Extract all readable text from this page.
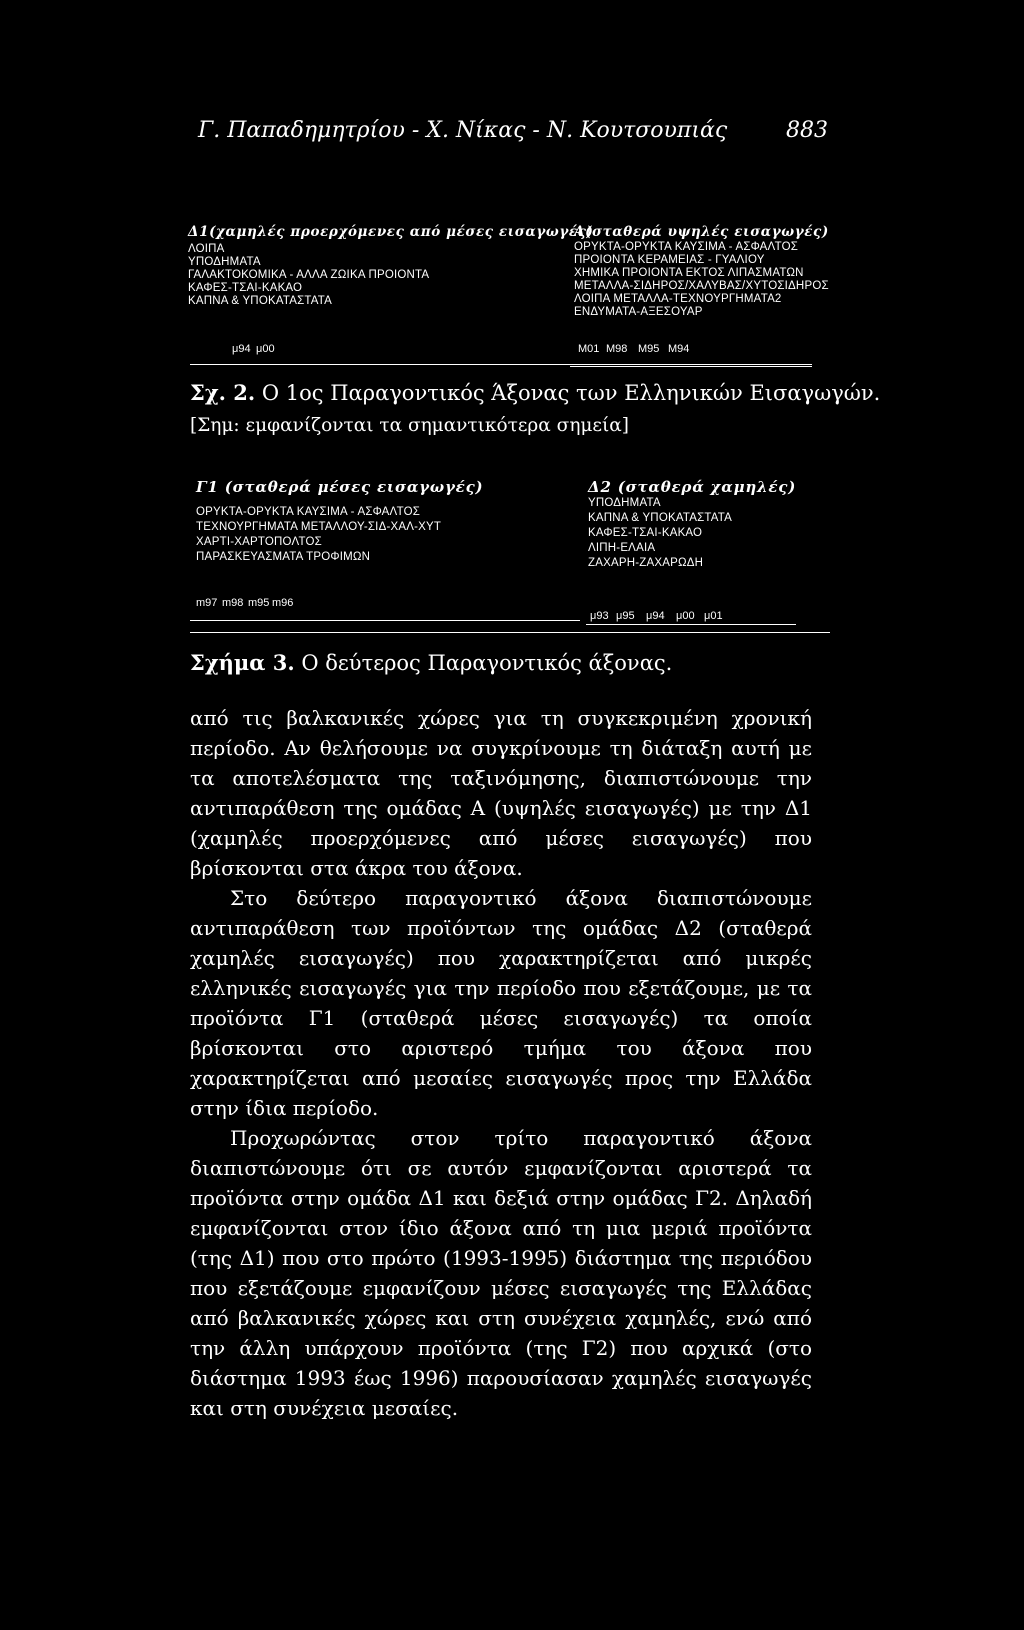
Γ. Παπαδημητρίου - Χ. Νίκας - Ν. Κουτσουπιάς	883
Δ1(χαμηλές προερχόμενες από μέσες εισαγωγές)
ΛΟΙΠΑ
ΥΠΟΔΗΜΑΤΑ
ΓΑΛΑΚΤΟΚΟΜΙΚΑ - ΑΛΛΑ ΖΩΙΚΑ ΠΡΟΙΟΝΤΑ
ΚΑΦΕΣ-ΤΣΑΙ-ΚΑΚΑΟ
ΚΑΠΝΑ & ΥΠΟΚΑΤΑΣΤΑΤΑ
Α(σταθερά υψηλές εισαγωγές)
ΟΡΥΚΤΑ-ΟΡΥΚΤΑ ΚΑΥΣΙΜΑ - ΑΣΦΑΛΤΟΣ
ΠΡΟΙΟΝΤΑ ΚΕΡΑΜΕΙΑΣ - ΓΥΑΛΙΟΥ
ΧΗΜΙΚΑ ΠΡΟΙΟΝΤΑ ΕΚΤΟΣ ΛΙΠΑΣΜΑΤΩΝ
ΜΕΤΑΛΛΑ-ΣΙΔΗΡΟΣ/ΧΑΛΥΒΑΣ/ΧΥΤΟΣΙΔΗΡΟΣ
ΛΟΙΠΑ ΜΕΤΑΛΛΑ-ΤΕΧΝΟΥΡΓΗΜΑΤΑ2
ΕΝΔΥΜΑΤΑ-ΑΞΕΣΟΥΑΡ
μ94 μ00	Μ01 Μ98 Μ95 Μ94
Σχ. 2. Ο 1ος Παραγοντικός Άξονας των Ελληνικών Εισαγωγών.
[Σημ: εμφανίζονται τα σημαντικότερα σημεία]
Γ1 (σταθερά μέσες εισαγωγές)
ΟΡΥΚΤΑ-ΟΡΥΚΤΑ ΚΑΥΣΙΜΑ - ΑΣΦΑΛΤΟΣ
ΤΕΧΝΟΥΡΓΗΜΑΤΑ ΜΕΤΑΛΛΟΥ-ΣΙΔ-ΧΑΛ-ΧΥΤ
ΧΑΡΤΙ-ΧΑΡΤΟΠΟΛΤΟΣ
ΠΑΡΑΣΚΕΥΑΣΜΑΤΑ ΤΡΟΦΙΜΩΝ
Δ2 (σταθερά χαμηλές)
ΥΠΟΔΗΜΑΤΑ
ΚΑΠΝΑ & ΥΠΟΚΑΤΑΣΤΑΤΑ
ΚΑΦΕΣ-ΤΣΑΙ-ΚΑΚΑΟ
ΛΙΠΗ-ΕΛΑΙΑ
ΖΑΧΑΡΗ-ΖΑΧΑΡΩΔΗ
m97 m98 m95 m96
μ93 μ95 μ94 μ00 μ01
Σχήμα 3. Ο δεύτερος Παραγοντικός άξονας.

από τις βαλκανικές χώρες για τη συγκεκριμένη χρονική περίοδο. Αν θελήσουμε να συγκρίνουμε τη διάταξη αυτή με τα αποτελέσματα της ταξινόμησης, διαπιστώνουμε την αντιπαράθεση της ομάδας Α (υψηλές εισαγωγές) με την Δ1 (χαμηλές προερχόμενες από μέσες εισαγωγές) που βρίσκονται στα άκρα του άξονα.

Στο δεύτερο παραγοντικό άξονα διαπιστώνουμε αντιπαράθεση των προϊόντων της ομάδας Δ2 (σταθερά χαμηλές εισαγωγές) που χαρακτηρίζεται από μικρές ελληνικές εισαγωγές για την περίοδο που εξετάζουμε, με τα προϊόντα Γ1 (σταθερά μέσες εισαγωγές) τα οποία βρίσκονται στο αριστερό τμήμα του άξονα που χαρακτηρίζεται από μεσαίες εισαγωγές προς την Ελλάδα στην ίδια περίοδο.

Προχωρώντας στον τρίτο παραγοντικό άξονα διαπιστώνουμε ότι σε αυτόν εμφανίζονται αριστερά τα προϊόντα στην ομάδα Δ1 και δεξιά στην ομάδας Γ2. Δηλαδή εμφανίζονται στον ίδιο άξονα από τη μια μεριά προϊόντα (της Δ1) που στο πρώτο (1993-1995) διάστημα της περιόδου που εξετάζουμε εμφανίζουν μέσες εισαγωγές της Ελλάδας από βαλκανικές χώρες και στη συνέχεια χαμηλές, ενώ από την άλλη υπάρχουν προϊόντα (της Γ2) που αρχικά (στο διάστημα 1993 έως 1996) παρουσίασαν χαμηλές εισαγωγές και στη συνέχεια μεσαίες.
